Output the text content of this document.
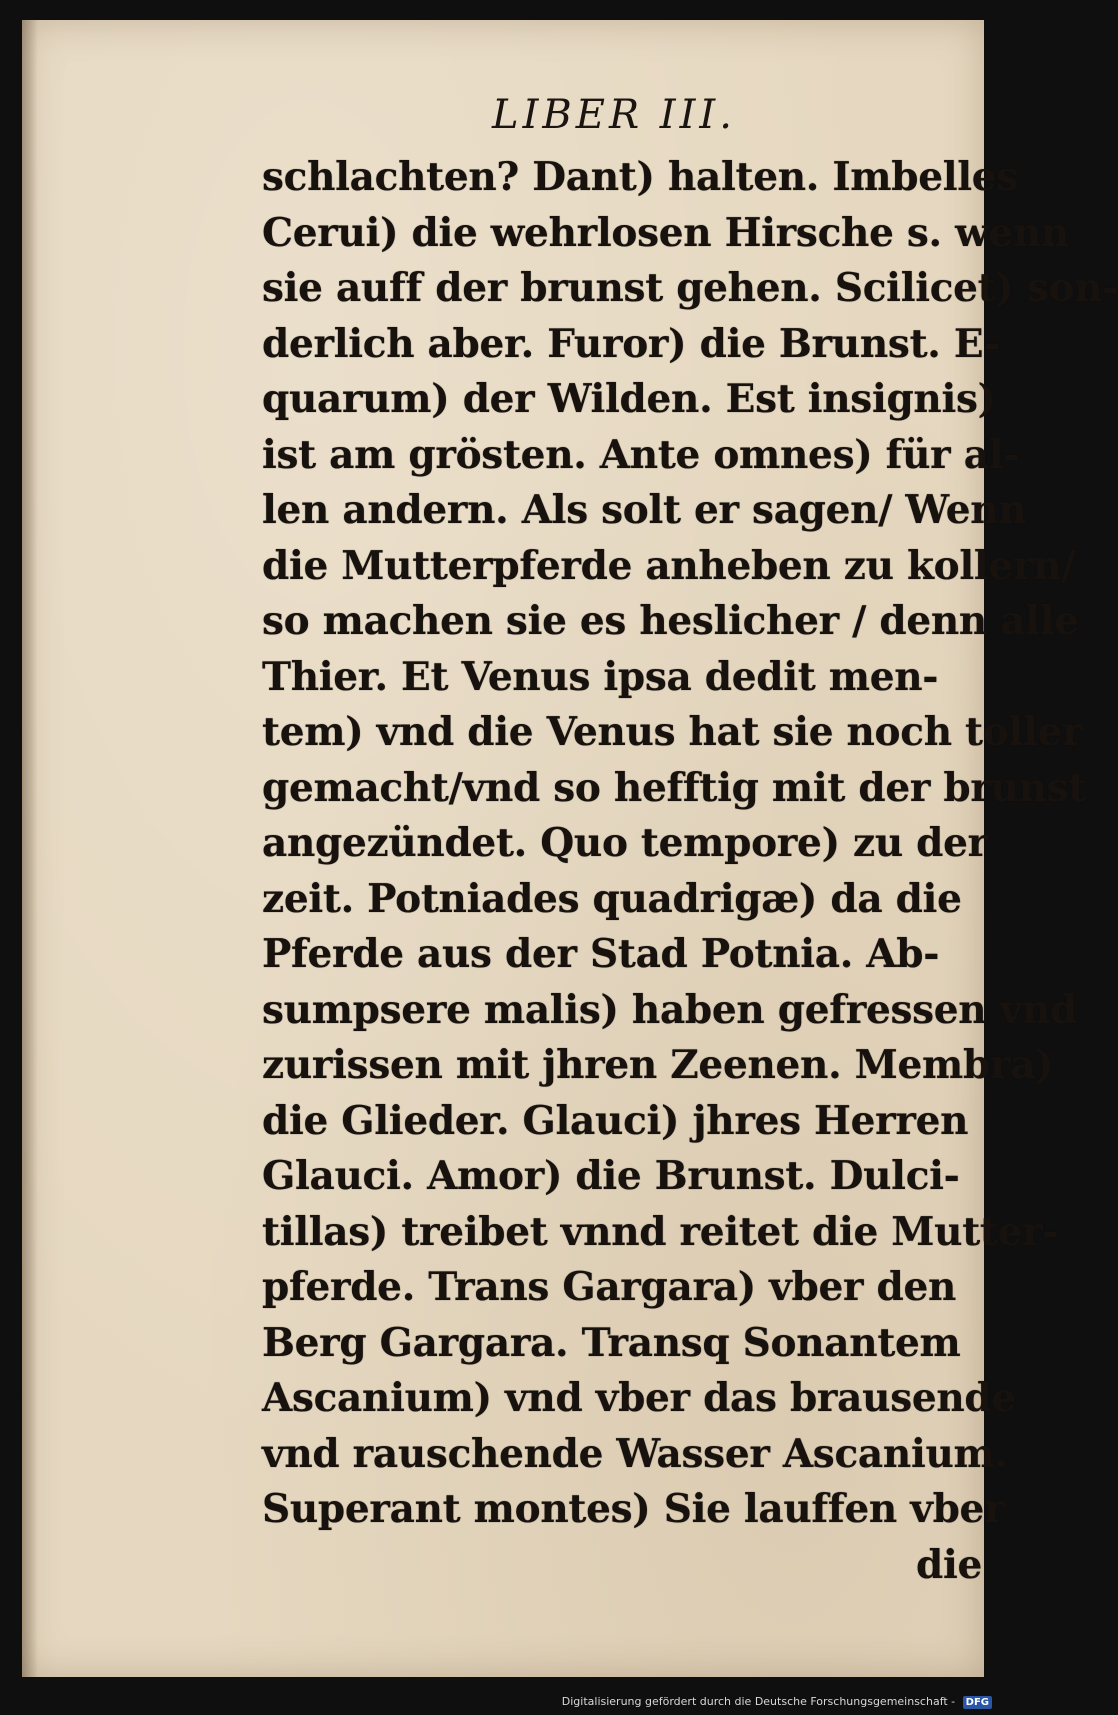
LIBER III.
schlachten? Dant) halten. Imbelles
Cerui) die wehrlosen Hirsche s. wenn
sie auff der brunst gehen. Scilicet) son-
derlich aber. Furor) die Brunst. E-
quarum) der Wilden. Est insignis)
ist am grösten. Ante omnes) für al-
len andern. Als solt er sagen/ Wenn
die Mutterpferde anheben zu kollern/
so machen sie es heslicher / denn alle
Thier. Et Venus ipsa dedit men-
tem) vnd die Venus hat sie noch toller
gemacht/vnd so hefftig mit der brunst
angezündet. Quo tempore) zu der
zeit. Potniades quadrigæ) da die
Pferde aus der Stad Potnia. Ab-
sumpsere malis) haben gefressen vnd
zurissen mit jhren Zeenen. Membra)
die Glieder. Glauci) jhres Herren
Glauci. Amor) die Brunst. Dulci-
tillas) treibet vnnd reitet die Mutter-
pferde. Trans Gargara) vber den
Berg Gargara. Transq Sonantem
Ascanium) vnd vber das brausende
vnd rauschende Wasser Ascanium.
Superant montes) Sie lauffen vber
die
Digitalisierung gefördert durch die Deutsche Forschungsgemeinschaft - DFG
